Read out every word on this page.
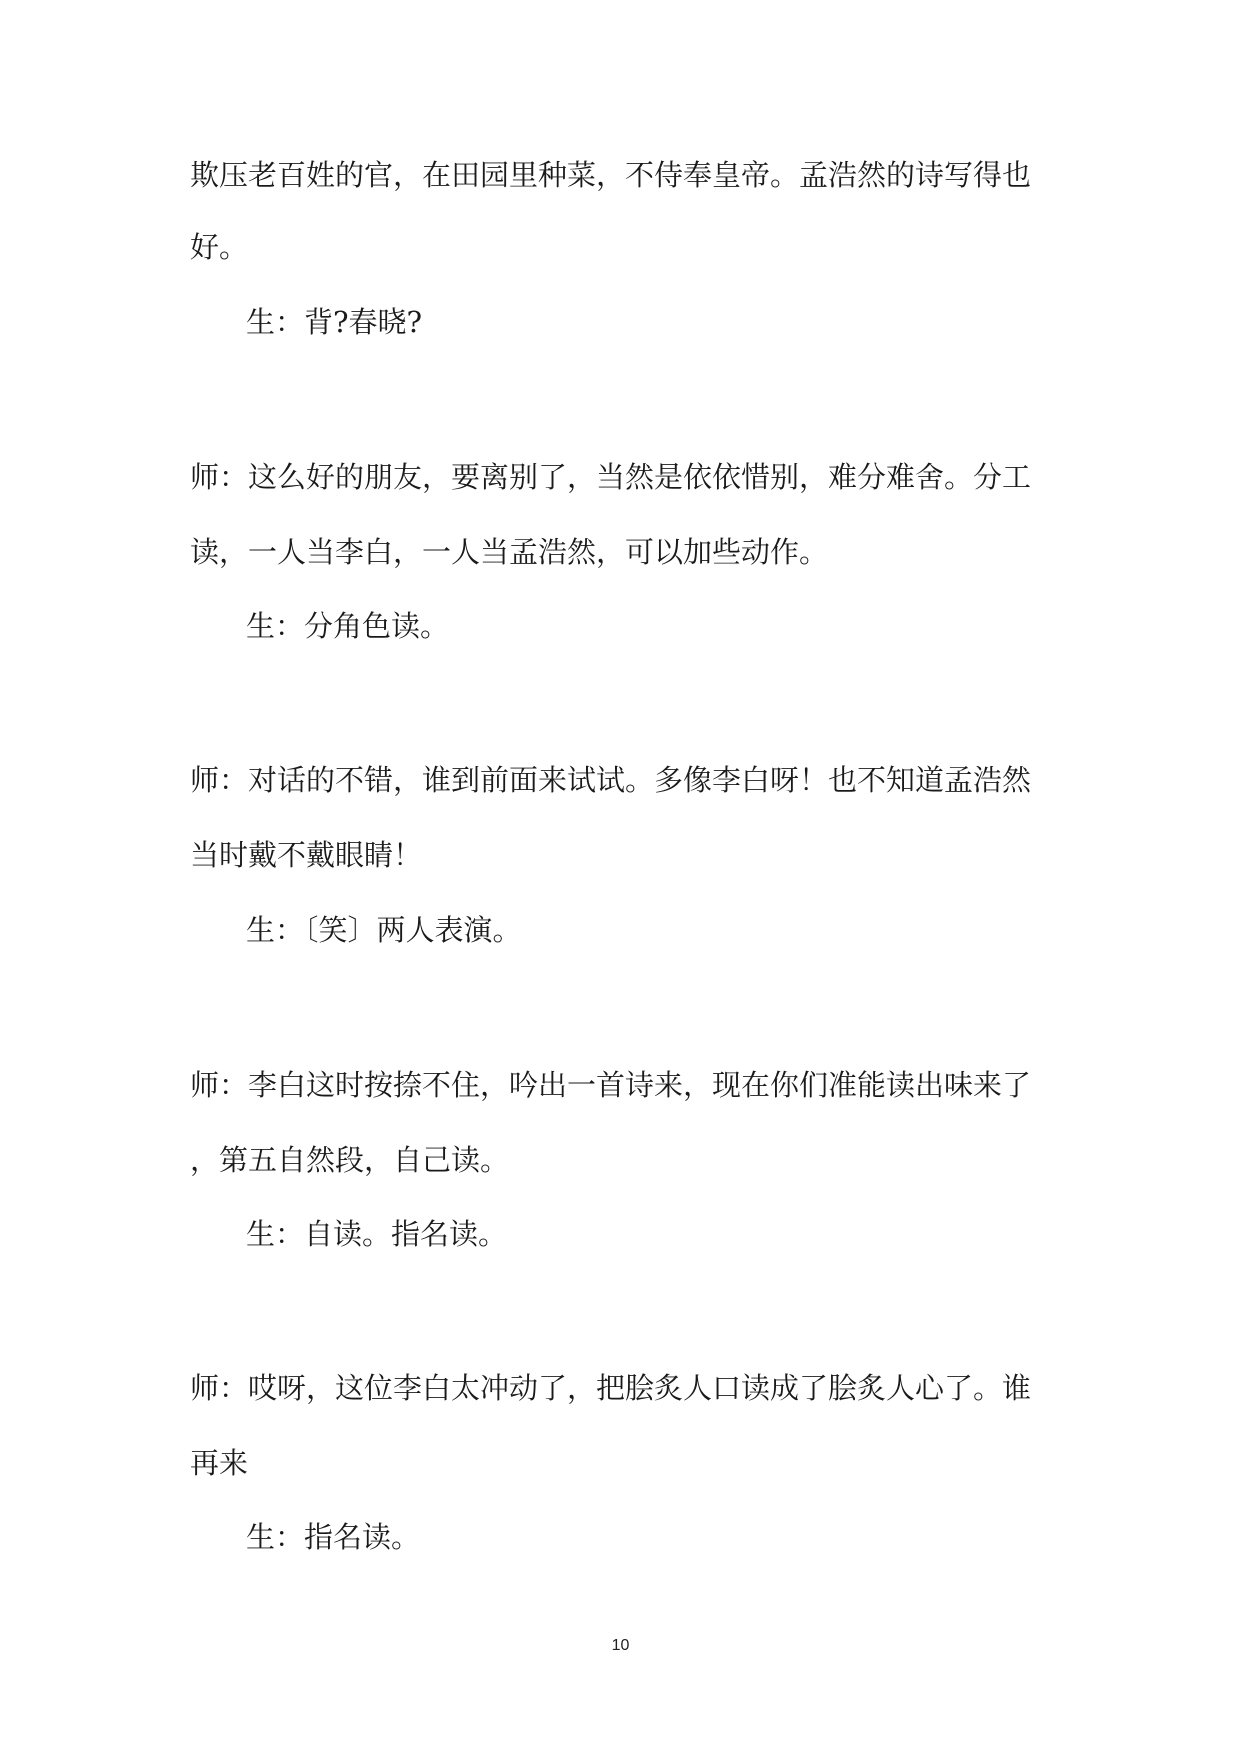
欺压老百姓的官，在田园里种菜，不侍奉皇帝。孟浩然的诗写得也
好。
生：背?春晓?
师：这么好的朋友，要离别了，当然是依依惜别，难分难舍。分工
读，一人当李白，一人当孟浩然，可以加些动作。
生：分角色读。
师：对话的不错，谁到前面来试试。多像李白呀！也不知道孟浩然
当时戴不戴眼睛！
生：〔笑〕两人表演。
师：李白这时按捺不住，吟出一首诗来，现在你们准能读出味来了
，第五自然段，自己读。
生：自读。指名读。
师：哎呀，这位李白太冲动了，把脍炙人口读成了脍炙人心了。谁
再来
生：指名读。
10
